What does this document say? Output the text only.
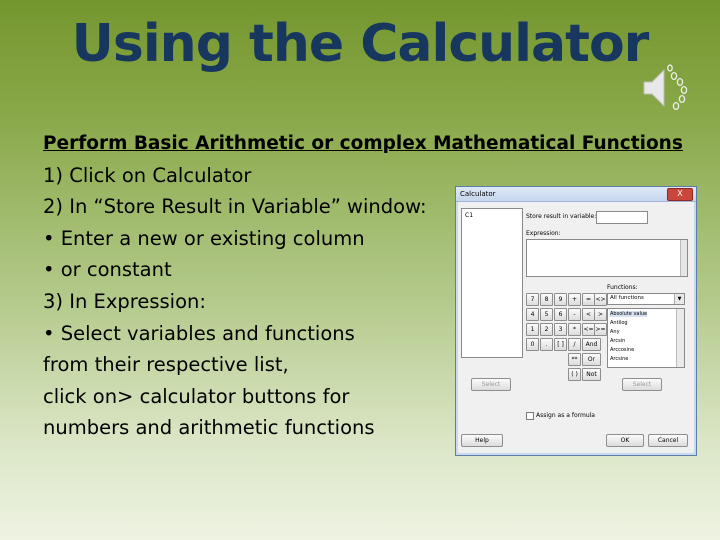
Using the Calculator
Perform Basic Arithmetic or complex Mathematical Functions
1) Click on Calculator
2) In “Store Result in Variable” window:
• Enter a new or existing column
• or constant
3) In Expression:
• Select variables and functions
from their respective list,
click on> calculator buttons for
numbers and arithmetic functions
Calculator	X
C1	Store result in variable:
Expression:
7	8	9	+	= <>
4	5	6	-	<	>
1	2	3	*	<= >=
0	.	[ ]	/	And
**	Or
( )	Not
Functions:
All functions	▼
Absolute value
Antilog
Any
Arcsin
Arccosine
Arcsine
Select	Select
Assign as a formula
Help	OK	Cancel
